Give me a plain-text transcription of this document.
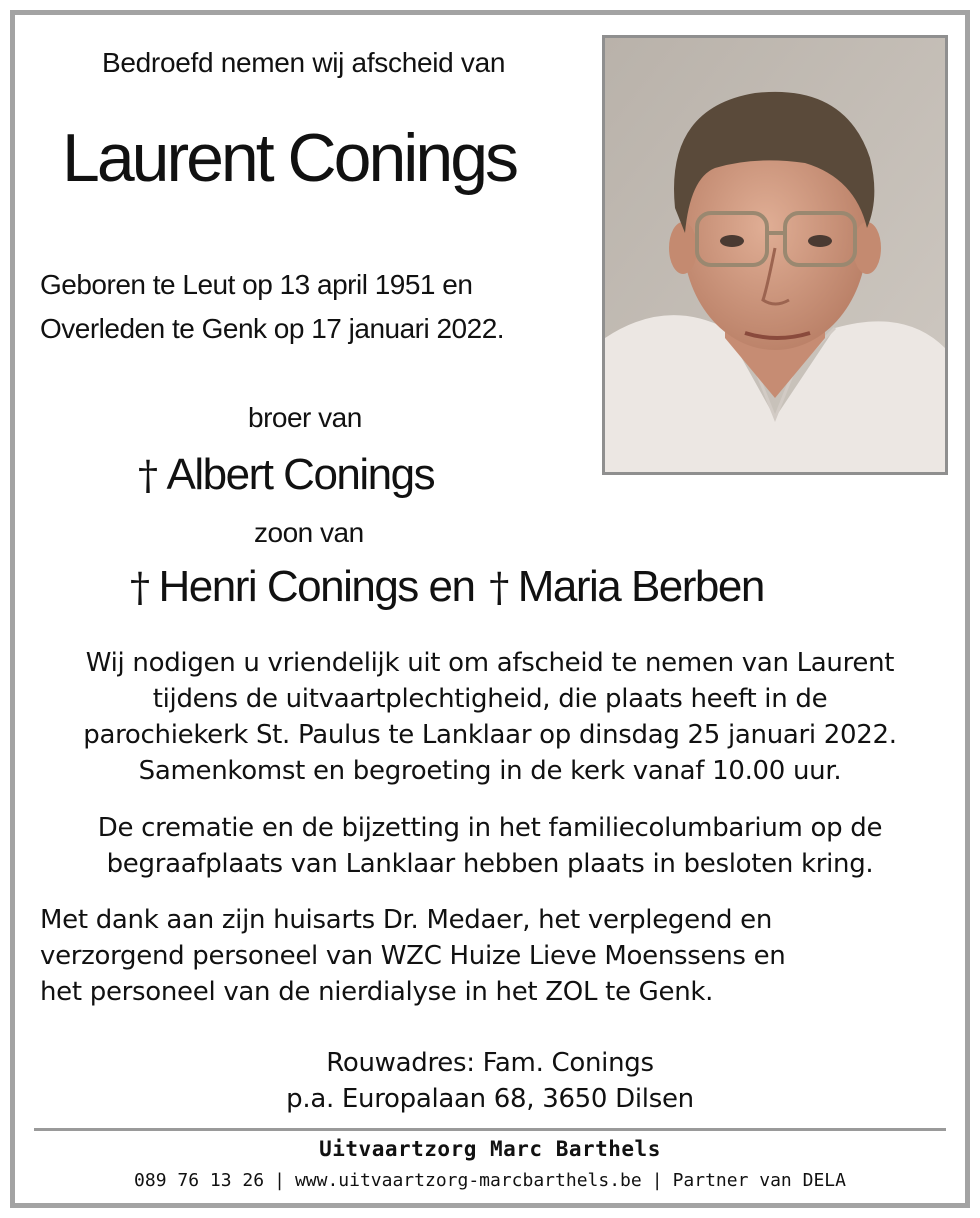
Bedroefd nemen wij afscheid van
Laurent Conings
Geboren te Leut op 13 april 1951 en
Overleden te Genk op 17 januari 2022.
broer van
† Albert Conings
zoon van
† Henri Conings en † Maria Berben
Wij nodigen u vriendelijk uit om afscheid te nemen van Laurent
tijdens de uitvaartplechtigheid, die plaats heeft in de
parochiekerk St. Paulus te Lanklaar op dinsdag 25 januari 2022.
Samenkomst en begroeting in de kerk vanaf 10.00 uur.
De crematie en de bijzetting in het familiecolumbarium op de
begraafplaats van Lanklaar hebben plaats in besloten kring.
Met dank aan zijn huisarts Dr. Medaer, het verplegend en
verzorgend personeel van WZC Huize Lieve Moenssens en
het personeel van de nierdialyse in het ZOL te Genk.
Rouwadres: Fam. Conings
p.a. Europalaan 68, 3650 Dilsen
Uitvaartzorg Marc Barthels
089 76 13 26 | www.uitvaartzorg-marcbarthels.be | Partner van DELA
